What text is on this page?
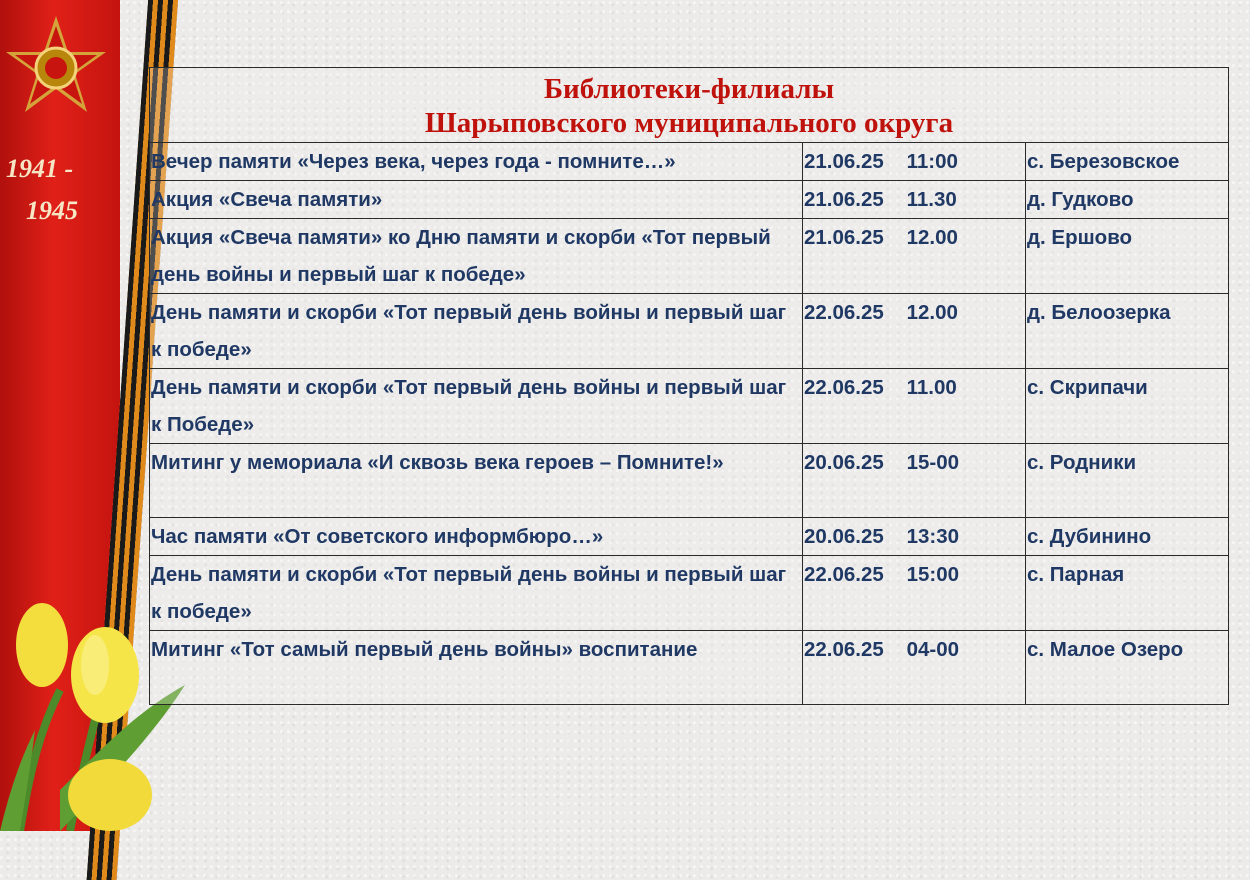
1941 -
1945
Библиотеки-филиалы
Шарыповского муниципального округа		

Вечер памяти «Через века, через года - помните…»	21.06.25 11:00	с. Березовское
Акция «Свеча памяти»	21.06.25 11.30	д. Гудково
Акция «Свеча памяти» ко Дню памяти и скорби «Тот первый день войны и первый шаг к победе»	21.06.25 12.00	д. Ершово
День памяти и скорби «Тот первый день войны и первый шаг к победе»	22.06.25 12.00	д. Белоозерка
День памяти и скорби «Тот первый день войны и первый шаг к Победе»	22.06.25 11.00	с. Скрипачи
Митинг у мемориала «И сквозь века героев – Помните!»	20.06.25 15-00	с. Родники
Час памяти «От советского информбюро…»	20.06.25 13:30	с. Дубинино
День памяти и скорби «Тот первый день войны и первый шаг к победе»	22.06.25 15:00	с. Парная
Митинг «Тот самый первый день войны» воспитание	22.06.25 04-00	с. Малое Озеро
